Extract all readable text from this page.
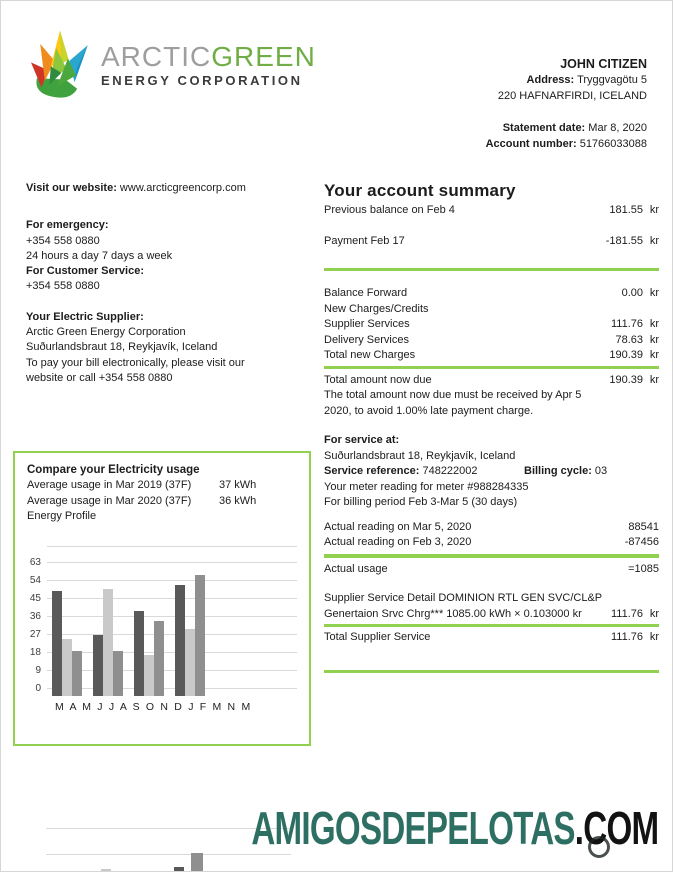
ARCTICGREEN
ENERGY CORPORATION
JOHN CITIZEN
Address: Tryggvagötu 5
220 HAFNARFIRDI, ICELAND
Statement date: Mar 8, 2020
Account number: 51766033088
Visit our website: www.arcticgreencorp.com
For emergency:
+354 558 0880
24 hours a day 7 days a week
For Customer Service:
+354 558 0880
Your Electric Supplier:
Arctic Green Energy Corporation
Suðurlandsbraut 18, Reykjavík, Iceland
To pay your bill electronically, please visit our
website or call +354 558 0880
Compare your Electricity usage
Average usage in Mar 2019 (37F)	37 kWh
Average usage in Mar 2020 (37F)	36 kWh
Energy Profile
0
9
18
27
36
45
54
63
M A M J J A S O N D J F M N M
Your account summary
Previous balance on Feb 4	181.55 kr
Payment Feb 17	-181.55 kr
Balance Forward	0.00 kr
New Charges/Credits
Supplier Services	111.76 kr
Delivery Services	78.63 kr
Total new Charges	190.39 kr
Total amount now due	190.39 kr
The total amount now due must be received by Apr 5
2020, to avoid 1.00% late payment charge.
For service at:
Suðurlandsbraut 18, Reykjavík, Iceland
Service reference: 748222002	Billing cycle: 03
Your meter reading for meter #988284335
For billing period Feb 3-Mar 5 (30 days)
Actual reading on Mar 5, 2020	88541
Actual reading on Feb 3, 2020	-87456
Actual usage	=1085
Supplier Service Detail DOMINION RTL GEN SVC/CL&P
Genertaion Srvc Chrg*** 1085.00 kWh × 0.103000 kr	111.76 kr
Total Supplier Service	111.76 kr
AMIGOSDEPELOTAS.COM
